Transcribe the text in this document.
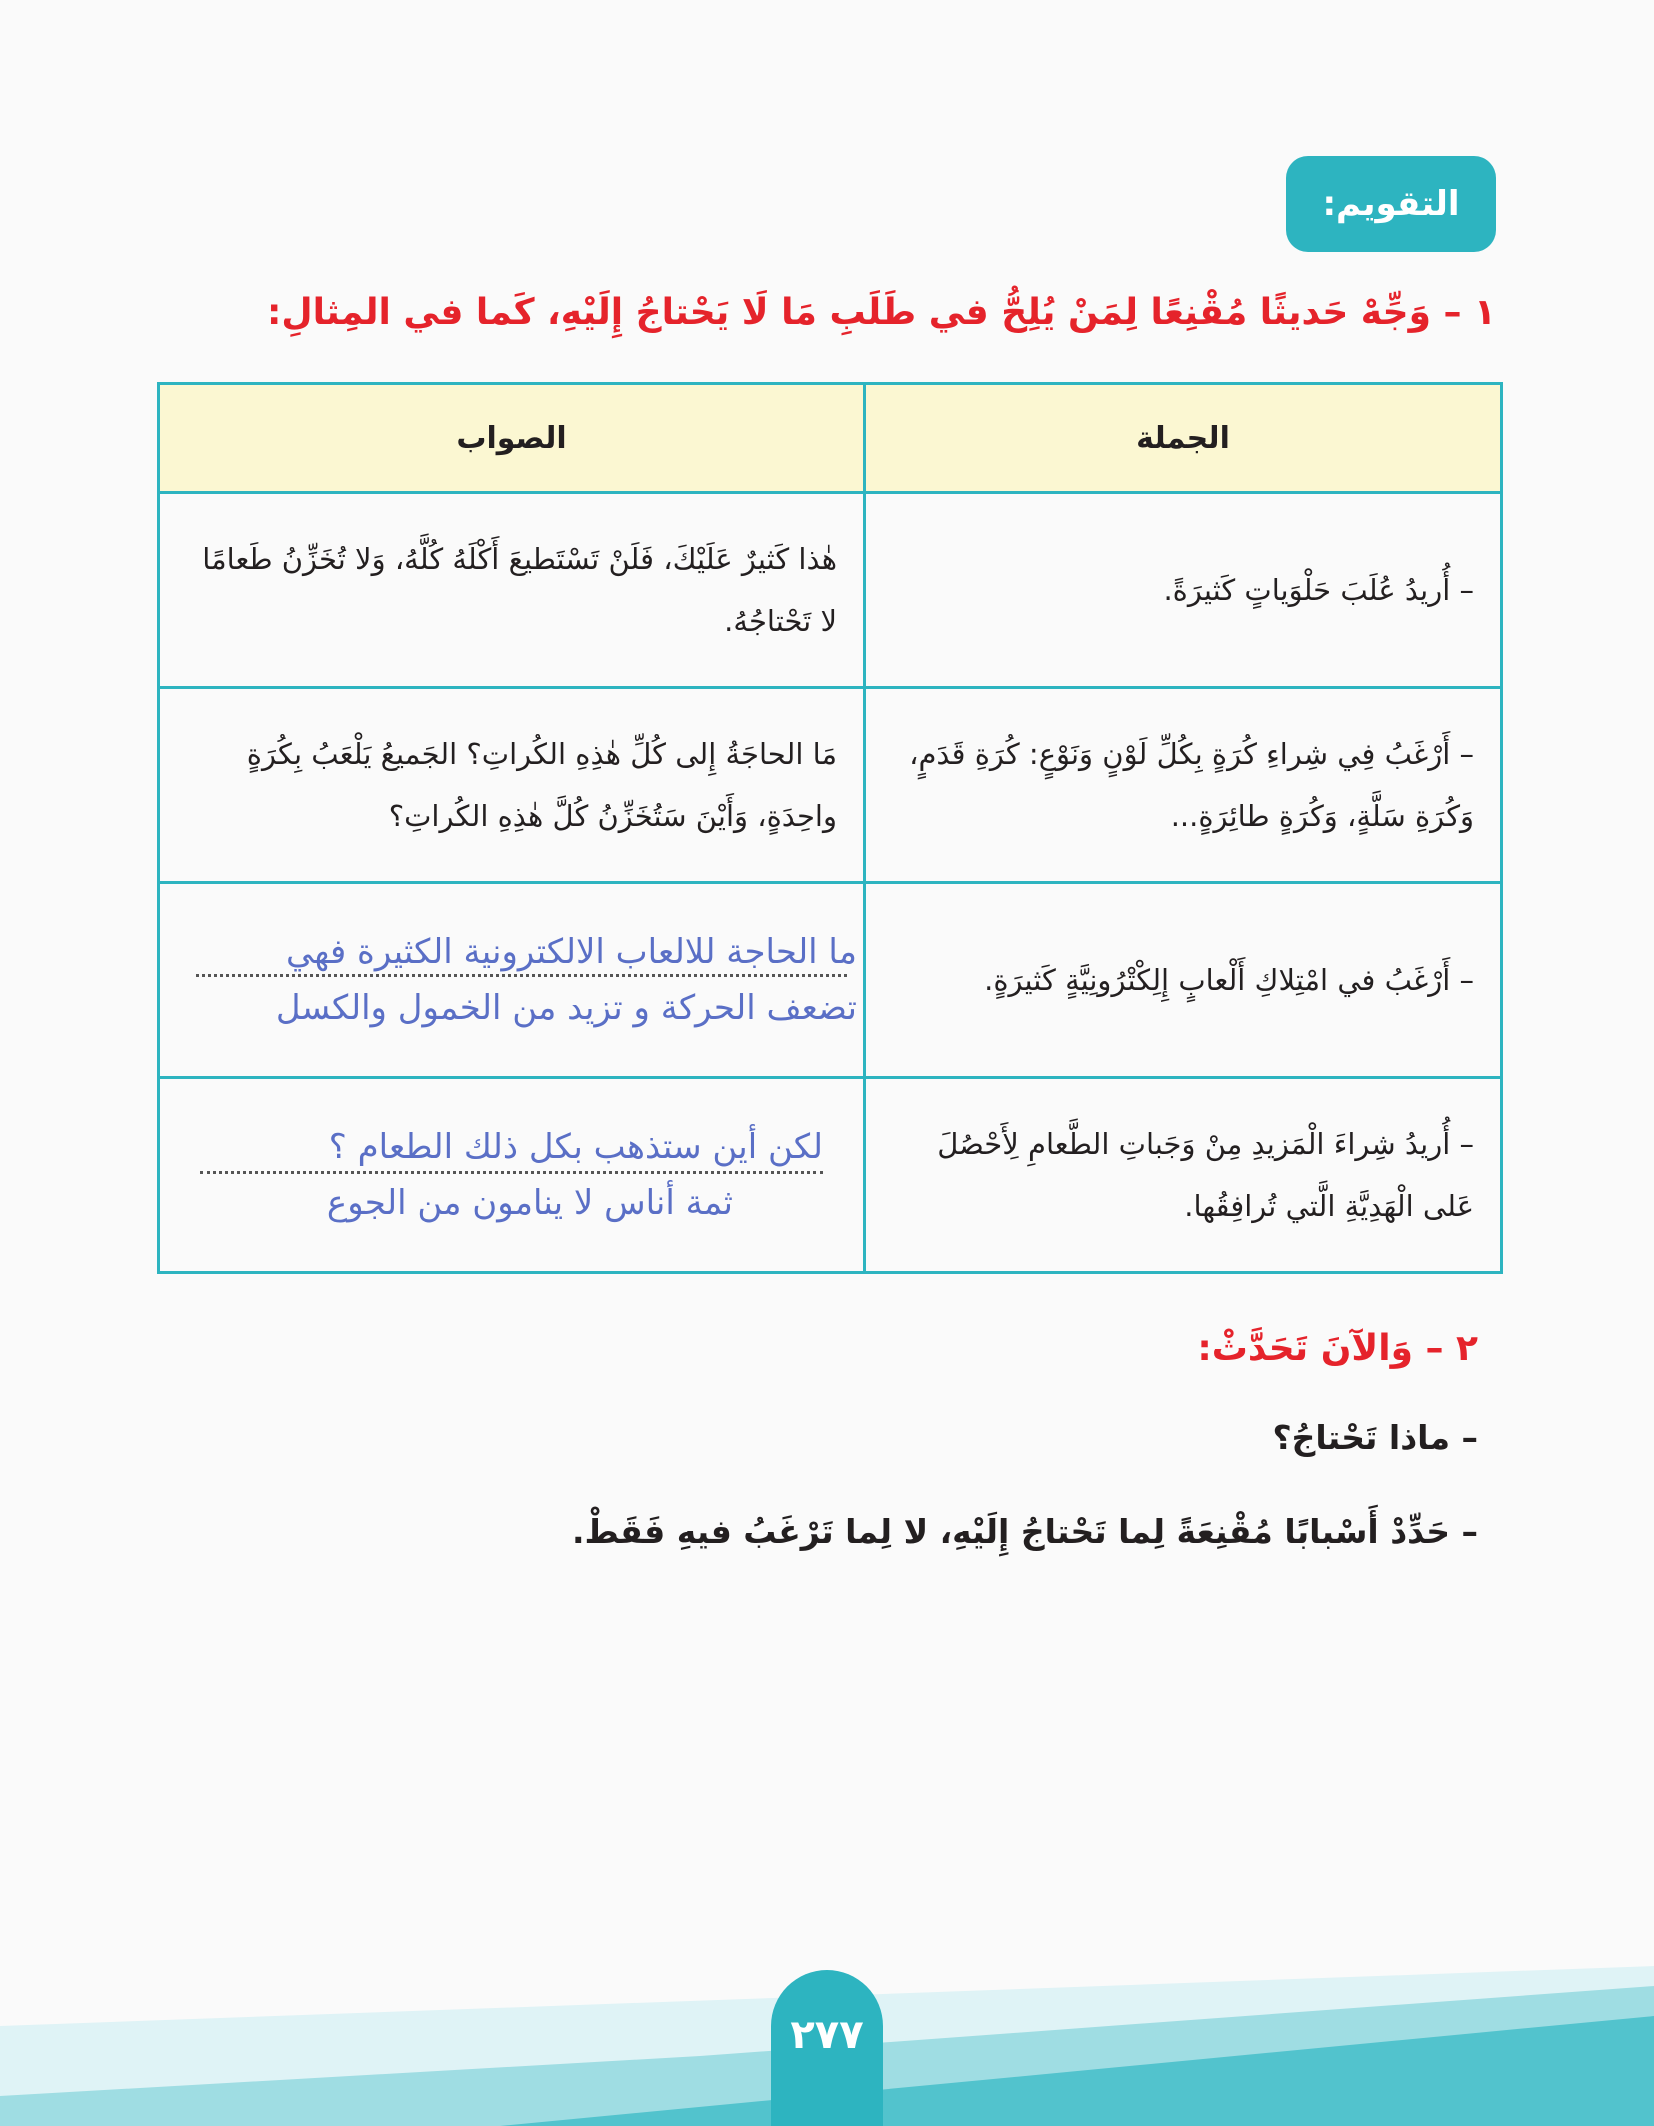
التقويم:
١ – وَجِّهْ حَديثًا مُقْنِعًا لِمَنْ يُلِحُّ في طَلَبِ مَا لَا يَحْتاجُ إِلَيْهِ، كَما في المِثالِ:
الجملة	الصواب
– أُريدُ عُلَبَ حَلْوَياتٍ كَثيرَةً.	هٰذا كَثيرٌ عَلَيْكَ، فَلَنْ تَسْتَطيعَ أَكْلَهُ كُلَّهُ، وَلا تُخَزِّنُ طَعامًا لا تَحْتاجُهُ.
– أَرْغَبُ فِي شِراءِ كُرَةٍ بِكُلِّ لَوْنٍ وَنَوْعٍ: كُرَةِ قَدَمٍ، وَكُرَةِ سَلَّةٍ، وَكُرَةٍ طائِرَةٍ...	مَا الحاجَةُ إِلى كُلِّ هٰذِهِ الكُراتِ؟ الجَميعُ يَلْعَبُ بِكُرَةٍ واحِدَةٍ، وَأَيْنَ سَتُخَزِّنُ كُلَّ هٰذِهِ الكُراتِ؟
– أَرْغَبُ في امْتِلاكِ أَلْعابٍ إِلِكْتْرُونِيَّةٍ كَثيرَةٍ.	ما الحاجة للالعاب الالكترونية الكثيرة فهي
تضعف الحركة و تزيد من الخمول والكسل

– أُريدُ شِراءَ الْمَزيدِ مِنْ وَجَباتِ الطَّعامِ لِأَحْصُلَ عَلى الْهَدِيَّةِ الَّتي تُرافِقُها.	لكن أين ستذهب بكل ذلك الطعام ؟
ثمة أناس لا ينامون من الجوع
٢ – وَالآنَ تَحَدَّثْ:
– ماذا تَحْتاجُ؟
– حَدِّدْ أَسْبابًا مُقْنِعَةً لِما تَحْتاجُ إِلَيْهِ، لا لِما تَرْغَبُ فيهِ فَقَطْ.
٢٧٧
